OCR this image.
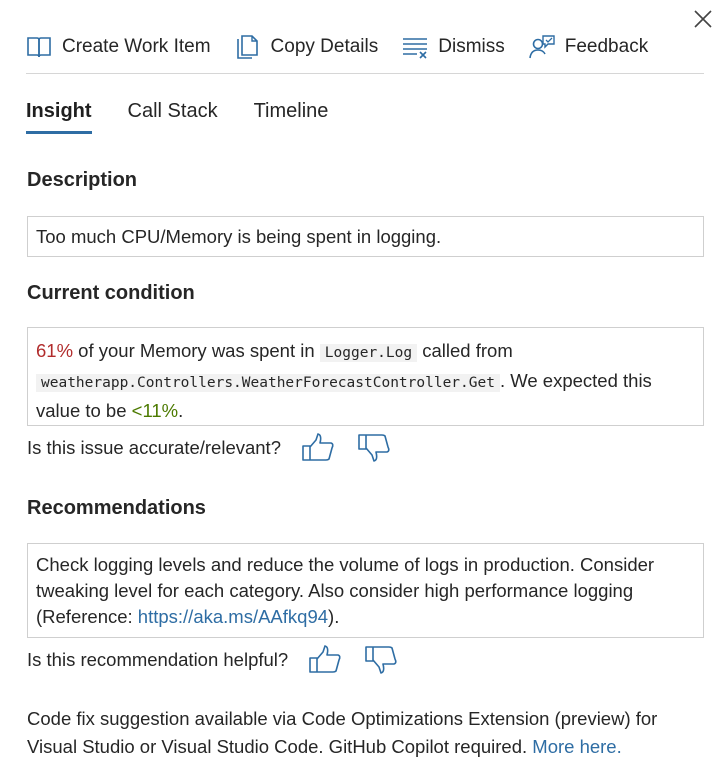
Create Work Item	Copy Details	Dismiss	Feedback
Insight Call Stack Timeline
Description
Too much CPU/Memory is being spent in logging.
Current condition
61% of your Memory was spent in Logger.Log called from
weatherapp.Controllers.WeatherForecastController.Get . We expected this value to be <11%.
Is this issue accurate/relevant?
Recommendations
Check logging levels and reduce the volume of logs in production. Consider tweaking level for each category. Also consider high performance logging (Reference: https://aka.ms/AAfkq94).
Is this recommendation helpful?
Code fix suggestion available via Code Optimizations Extension (preview) for Visual Studio or Visual Studio Code. GitHub Copilot required. More here.
